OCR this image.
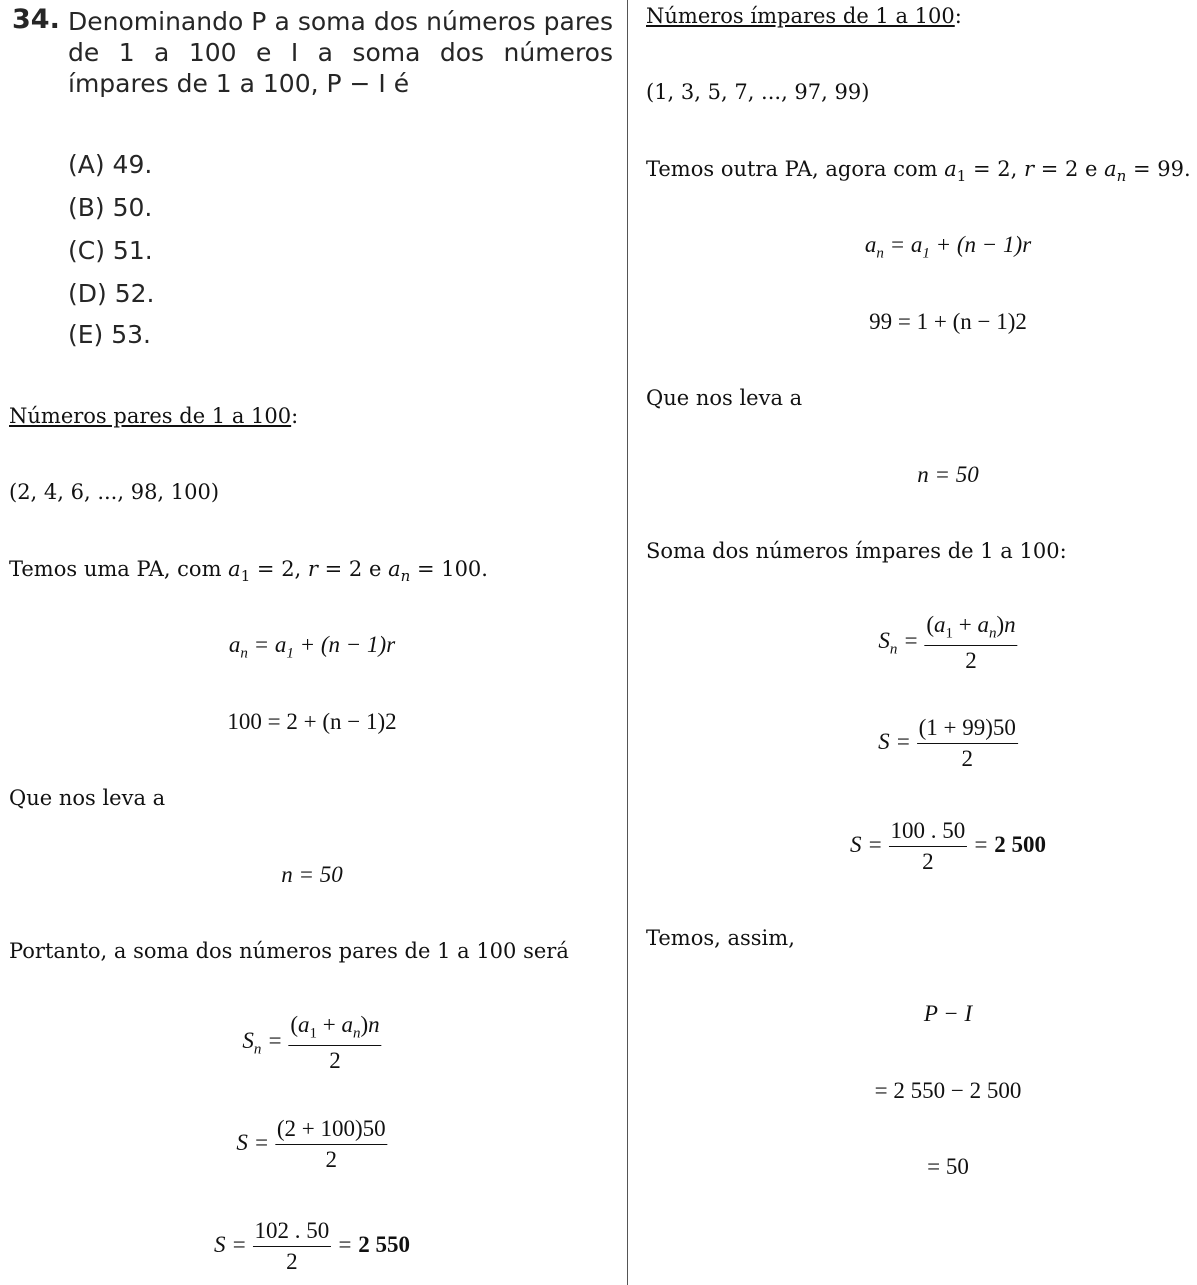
34. Denominando P a soma dos números pares de 1 a 100 e I a soma dos números ímpares de 1 a 100, P − I é
(A) 49.
(B) 50.
(C) 51.
(D) 52.
(E) 53.
Números pares de 1 a 100:
(2, 4, 6, ..., 98, 100)
Temos uma PA, com $a_1 = 2$, r = 2 e $a_n = 100$.
$a_n = a_1 + (n - 1)r$
100 = 2 + (n − 1)2
Que nos leva a
n = 50
Portanto, a soma dos números pares de 1 a 100 será
$S_n = \frac{(a_1 + a_n)n}{2}$
$S = \frac{(2 + 100)50}{2}$
$S = \frac{102 . 50}{2} = 2$ 550
Números ímpares de 1 a 100:
(1, 3, 5, 7, ..., 97, 99)
Temos outra PA, agora com $a_1 = 2$, r = 2 e $a_n = 99$.
$a_n = a_1 + (n - 1)r$
99 = 1 + (n − 1)2
Que nos leva a
n = 50
Soma dos números ímpares de 1 a 100:
$S_n = \frac{(a_1 + a_n)n}{2}$
$S = \frac{(1 + 99)50}{2}$
$S = \frac{100 . 50}{2} = 2$ 500
Temos, assim,
P − I
= 2 550 − 2 500
= 50
